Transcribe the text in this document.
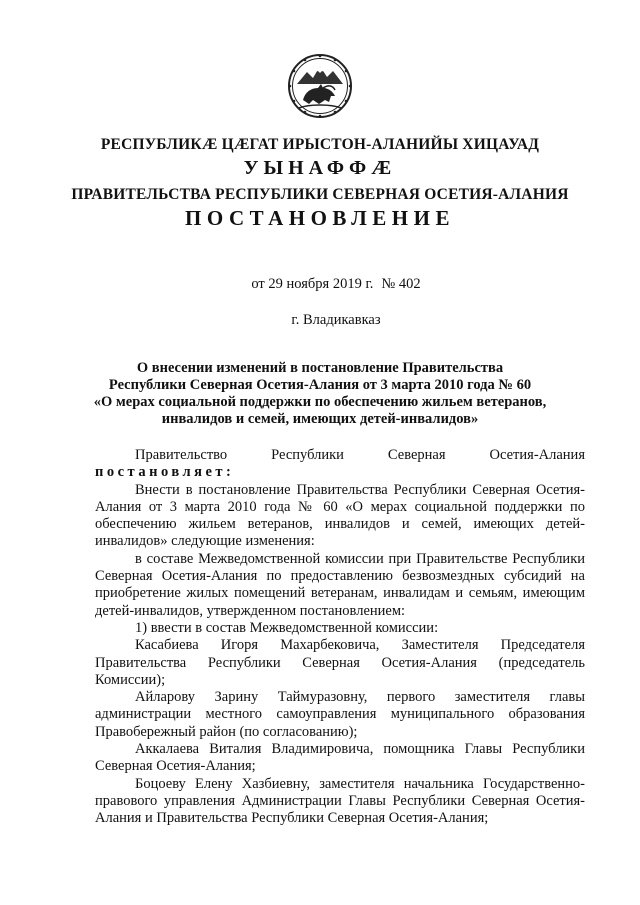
РЕСПУБЛИКÆ ЦÆГАТ ИРЫСТОН-АЛАНИЙЫ ХИЦАУАД
УЫНАФФÆ
ПРАВИТЕЛЬСТВА РЕСПУБЛИКИ СЕВЕРНАЯ ОСЕТИЯ-АЛАНИЯ
ПОСТАНОВЛЕНИЕ
от 29 ноября 2019 г. № 402
г. Владикавказ
О внесении изменений в постановление Правительства
Республики Северная Осетия-Алания от 3 марта 2010 года № 60
«О мерах социальной поддержки по обеспечению жильем ветеранов,
инвалидов и семей, имеющих детей-инвалидов»

Правительство Республики Северная Осетия-Алания постановляет:

Внести в постановление Правительства Республики Северная Осетия-Алания от 3 марта 2010 года № 60 «О мерах социальной поддержки по обеспечению жильем ветеранов, инвалидов и семей, имеющих детей-инвалидов» следующие изменения:

в составе Межведомственной комиссии при Правительстве Республики Северная Осетия-Алания по предоставлению безвозмездных субсидий на приобретение жилых помещений ветеранам, инвалидам и семьям, имеющим детей-инвалидов, утвержденном постановлением:

1) ввести в состав Межведомственной комиссии:

Касабиева Игоря Махарбековича, Заместителя Председателя Правительства Республики Северная Осетия-Алания (председатель Комиссии);

Айларову Зарину Таймуразовну, первого заместителя главы администрации местного самоуправления муниципального образования Правобережный район (по согласованию);

Аккалаева Виталия Владимировича, помощника Главы Республики Северная Осетия-Алания;

Боцоеву Елену Хазбиевну, заместителя начальника Государственно-правового управления Администрации Главы Республики Северная Осетия-Алания и Правительства Республики Северная Осетия-Алания;
